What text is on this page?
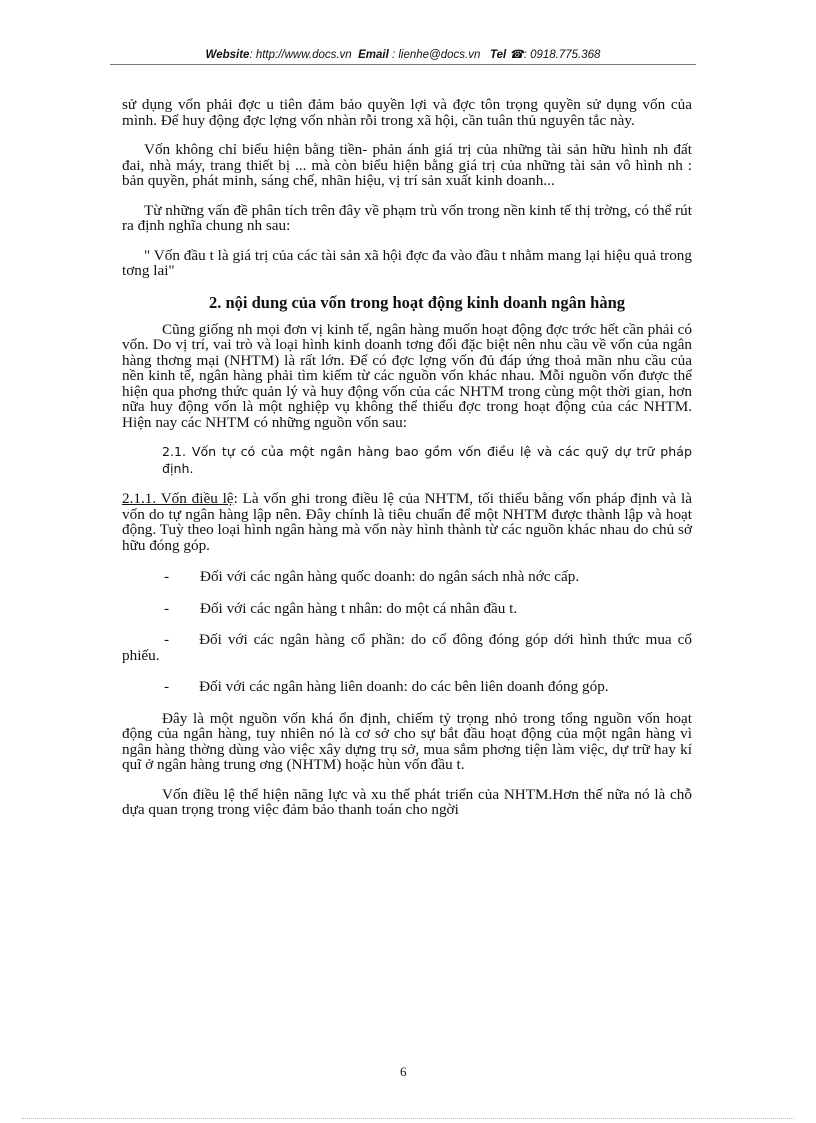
Website: http://www.docs.vn Email : lienhe@docs.vn Tel ☎: 0918.775.368

sử dụng vốn phải đợc u tiên đảm bảo quyền lợi và đợc tôn trọng quyền sử dụng vốn của mình. Để huy động đợc lợng vốn nhàn rỗi trong xã hội, cần tuân thủ nguyên tắc này.

Vốn không chỉ biểu hiện bằng tiền- phản ánh giá trị của những tài sản hữu hình nh đất đai, nhà máy, trang thiết bị ... mà còn biểu hiện bằng giá trị của những tài sản vô hình nh : bản quyền, phát minh, sáng chế, nhãn hiệu, vị trí sản xuất kinh doanh...

Từ những vấn đề phân tích trên đây về phạm trù vốn trong nền kinh tế thị trờng, có thể rút ra định nghĩa chung nh sau:

" Vốn đầu t là giá trị của các tài sản xã hội đợc đa vào đầu t nhằm mang lại hiệu quả trong tơng lai"

2. nội dung của vốn trong hoạt động kinh doanh ngân hàng

Cũng giống nh mọi đơn vị kinh tế, ngân hàng muốn hoạt động đợc trớc hết cần phải có vốn. Do vị trí, vai trò và loại hình kinh doanh tơng đối đặc biệt nên nhu cầu về vốn của ngân hàng thơng mại (NHTM) là rất lớn. Để có đợc lợng vốn đủ đáp ứng thoả mãn nhu cầu của nền kinh tế, ngân hàng phải tìm kiếm từ các nguồn vốn khác nhau. Mỗi nguồn vốn được thể hiện qua phơng thức quản lý và huy động vốn của các NHTM trong cùng một thời gian, hơn nữa huy động vốn là một nghiệp vụ không thể thiếu đợc trong hoạt động của các NHTM. Hiện nay các NHTM có những nguồn vốn sau:

2.1. Vốn tự có của một ngân hàng bao gồm vốn điều lệ và các quỹ dự trữ pháp định.

2.1.1. Vốn điều lệ: Là vốn ghi trong điều lệ của NHTM, tối thiểu bằng vốn pháp định và là vốn do tự ngân hàng lập nên. Đây chính là tiêu chuẩn để một NHTM được thành lập và hoạt động. Tuỳ theo loại hình ngân hàng mà vốn này hình thành từ các nguồn khác nhau do chủ sở hữu đóng góp.

- Đối với các ngân hàng quốc doanh: do ngân sách nhà nớc cấp.

- Đối với các ngân hàng t nhân: do một cá nhân đầu t.

- Đối với các ngân hàng cổ phần: do cổ đông đóng góp dới hình thức mua cổ phiếu.

- Đối với các ngân hàng liên doanh: do các bên liên doanh đóng góp.

Đây là một nguồn vốn khá ổn định, chiếm tỷ trọng nhỏ trong tổng nguồn vốn hoạt động của ngân hàng, tuy nhiên nó là cơ sở cho sự bắt đầu hoạt động của một ngân hàng vì ngân hàng thờng dùng vào việc xây dựng trụ sở, mua sắm phơng tiện làm việc, dự trữ hay kí quĩ ở ngân hàng trung ơng (NHTM) hoặc hùn vốn đầu t.

Vốn điều lệ thể hiện năng lực và xu thế phát triển của NHTM.Hơn thế nữa nó là chỗ dựa quan trọng trong việc đảm bảo thanh toán cho ngời

6
